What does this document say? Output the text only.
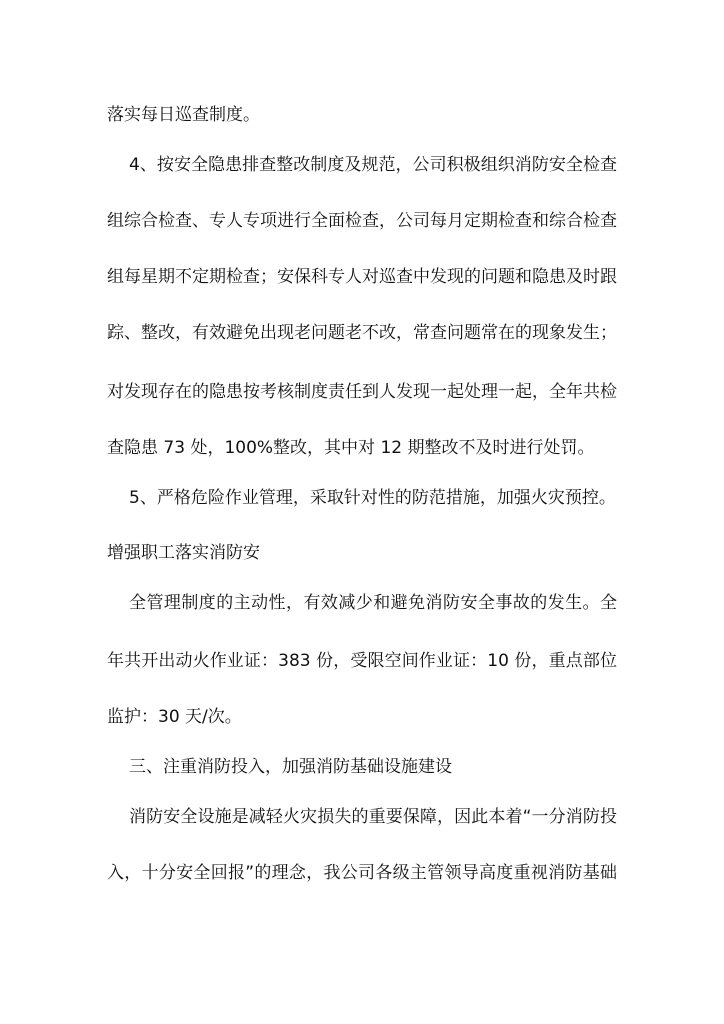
落实每日巡查制度。
4、按安全隐患排查整改制度及规范，公司积极组织消防安全检查
组综合检查、专人专项进行全面检查，公司每月定期检查和综合检查
组每星期不定期检查；安保科专人对巡查中发现的问题和隐患及时跟
踪、整改，有效避免出现老问题老不改，常查问题常在的现象发生；
对发现存在的隐患按考核制度责任到人发现一起处理一起，全年共检
查隐患 73 处，100%整改，其中对 12 期整改不及时进行处罚。
5、严格危险作业管理，采取针对性的防范措施，加强火灾预控。
增强职工落实消防安
全管理制度的主动性，有效减少和避免消防安全事故的发生。全
年共开出动火作业证：383 份，受限空间作业证：10 份，重点部位
监护：30 天/次。
三、注重消防投入，加强消防基础设施建设
消防安全设施是减轻火灾损失的重要保障，因此本着“一分消防投
入，十分安全回报”的理念，我公司各级主管领导高度重视消防基础
